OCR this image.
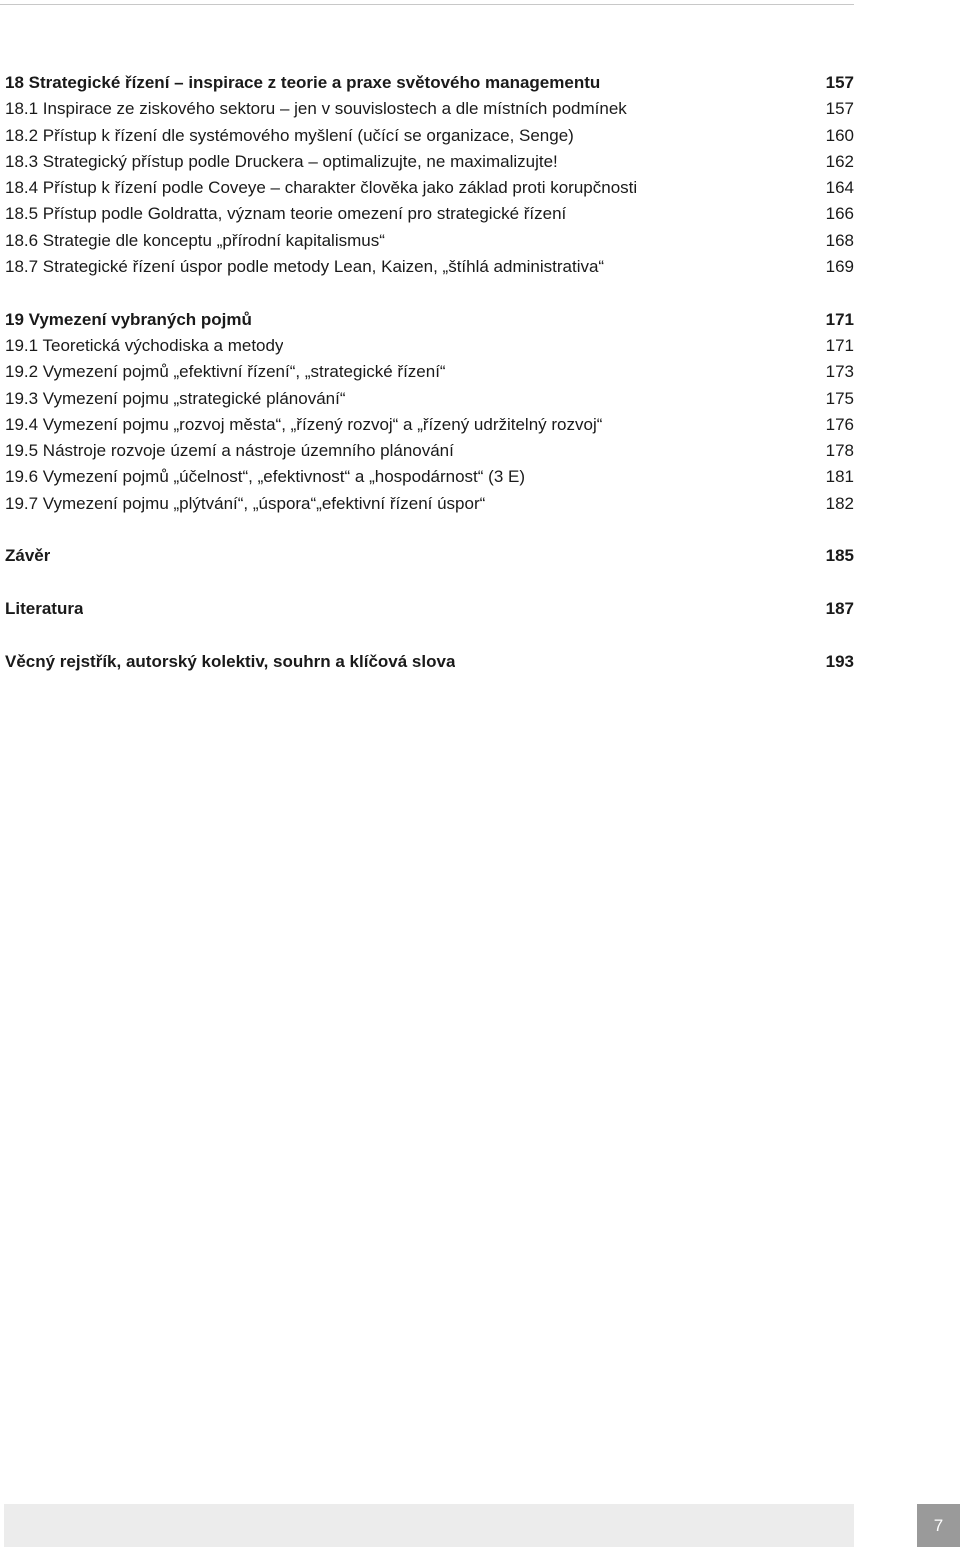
18 Strategické řízení – inspirace z teorie a praxe světového managementu	157
18.1 Inspirace ze ziskového sektoru – jen v souvislostech a dle místních podmínek	157
18.2 Přístup k řízení dle systémového myšlení (učící se organizace, Senge)	160
18.3 Strategický přístup podle Druckera – optimalizujte, ne maximalizujte!	162
18.4 Přístup k řízení podle Coveye – charakter člověka jako základ proti korupčnosti	164
18.5 Přístup podle Goldratta, význam teorie omezení pro strategické řízení	166
18.6 Strategie dle konceptu „přírodní kapitalismus“	168
18.7 Strategické řízení úspor podle metody Lean, Kaizen, „štíhlá administrativa“	169
19 Vymezení vybraných pojmů	171
19.1 Teoretická východiska a metody	171
19.2 Vymezení pojmů „efektivní řízení“, „strategické řízení“	173
19.3 Vymezení pojmu „strategické plánování“	175
19.4 Vymezení pojmu „rozvoj města“, „řízený rozvoj“ a „řízený udržitelný rozvoj“	176
19.5 Nástroje rozvoje území a nástroje územního plánování	178
19.6 Vymezení pojmů „účelnost“, „efektivnost“ a „hospodárnost“ (3 E)	181
19.7 Vymezení pojmu „plýtvání“, „úspora“„efektivní řízení úspor“	182
Závěr	185
Literatura	187
Věcný rejstřík, autorský kolektiv, souhrn a klíčová slova	193
7
